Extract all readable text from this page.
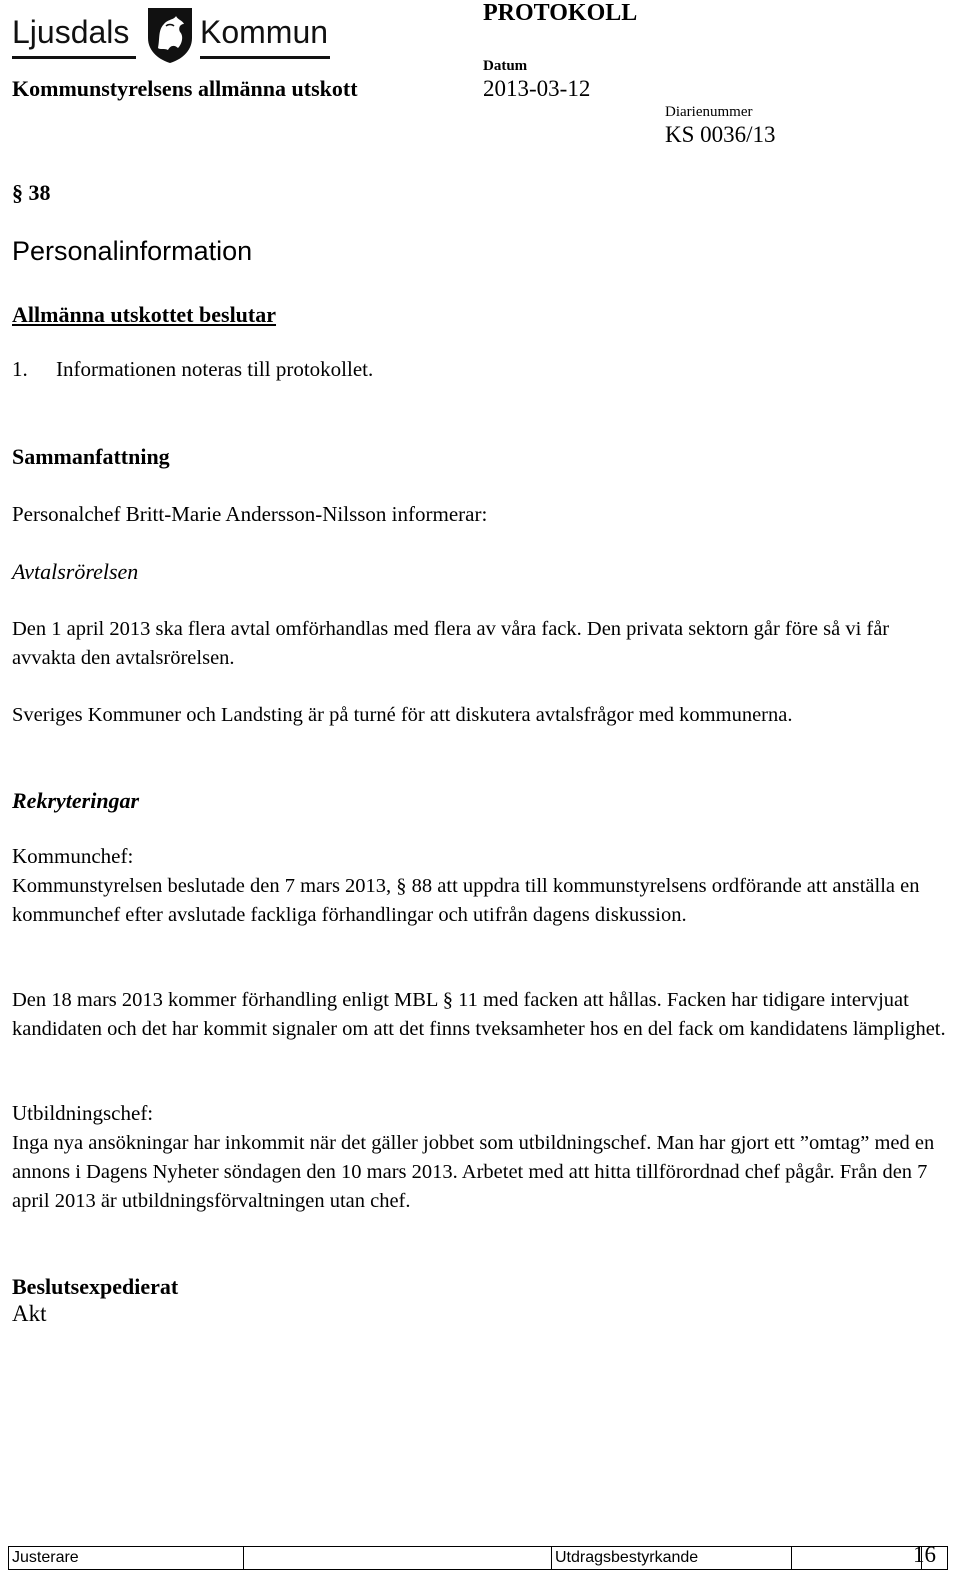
Ljusdals Kommun
PROTOKOLL
Kommunstyrelsens allmänna utskott
Datum
2013-03-12
Diarienummer
KS 0036/13
§ 38
Personalinformation
Allmänna utskottet beslutar
1. Informationen noteras till protokollet.
Sammanfattning
Personalchef Britt-Marie Andersson-Nilsson informerar:
Avtalsrörelsen
Den 1 april 2013 ska flera avtal omförhandlas med flera av våra fack. Den privata sektorn går före så vi får avvakta den avtalsrörelsen.
Sveriges Kommuner och Landsting är på turné för att diskutera avtalsfrågor med kommunerna.
Rekryteringar
Kommunchef:
Kommunstyrelsen beslutade den 7 mars 2013, § 88 att uppdra till kommunstyrelsens ordförande att anställa en kommunchef efter avslutade fackliga förhandlingar och utifrån dagens diskussion.
Den 18 mars 2013 kommer förhandling enligt MBL § 11 med facken att hållas. Facken har tidigare intervjuat kandidaten och det har kommit signaler om att det finns tveksamheter hos en del fack om kandidatens lämplighet.
Utbildningschef:
Inga nya ansökningar har inkommit när det gäller jobbet som utbildningschef. Man har gjort ett ”omtag” med en annons i Dagens Nyheter söndagen den 10 mars 2013. Arbetet med att hitta tillförordnad chef pågår. Från den 7 april 2013 är utbildningsförvaltningen utan chef.
Beslutsexpedierat
Akt
Justerare	Utdragsbestyrkande	16
